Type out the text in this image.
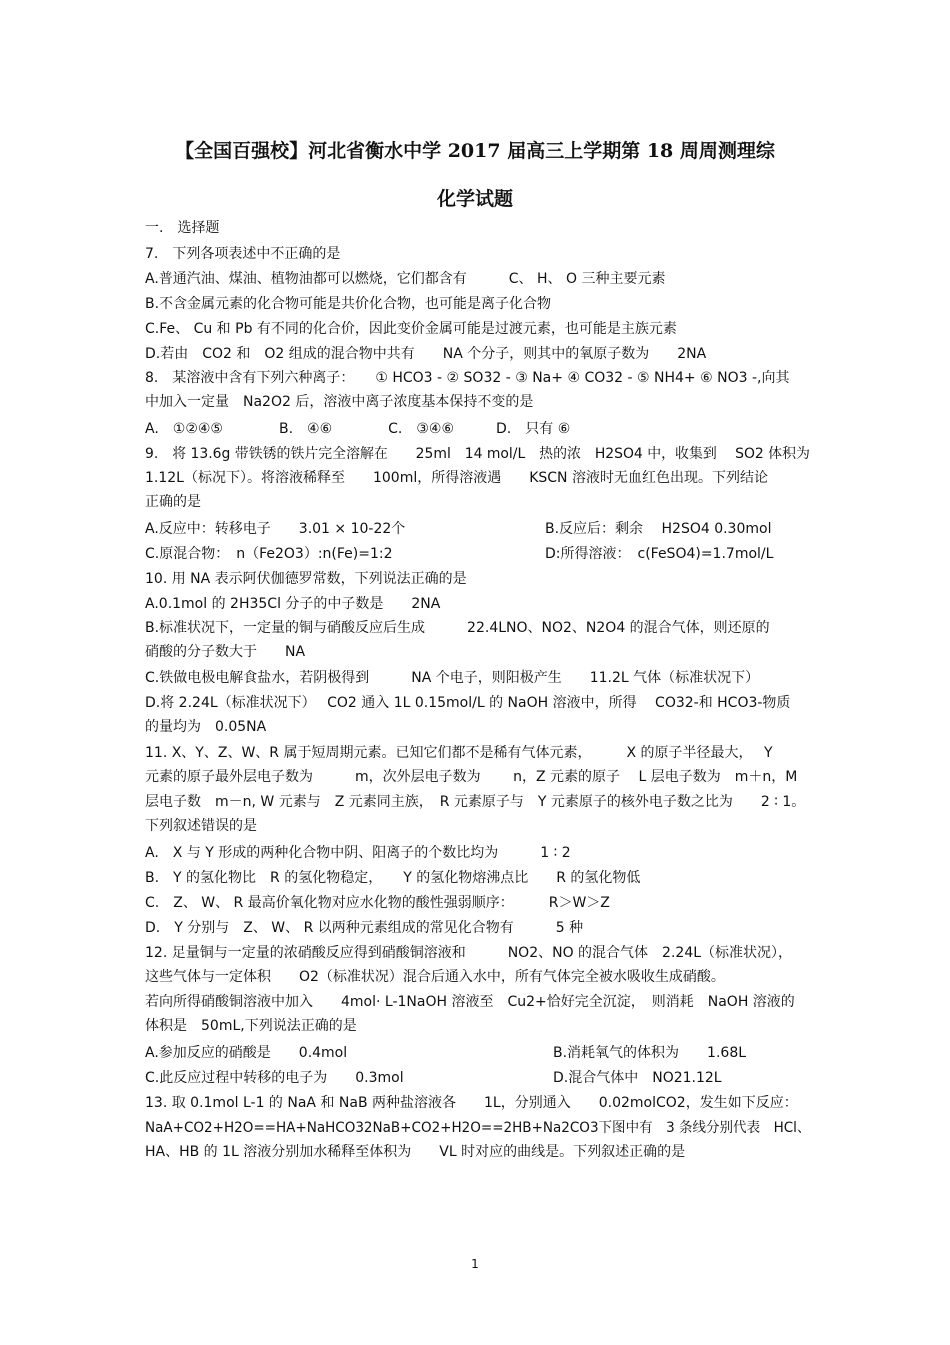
【全国百强校】河北省衡水中学 2017 届高三上学期第 18 周周测理综
化学试题
一.　选择题
7.　下列各项表述中不正确的是
A.普通汽油、煤油、植物油都可以燃烧，它们都含有　　　C、 H、 O 三种主要元素
B.不含金属元素的化合物可能是共价化合物，也可能是离子化合物
C.Fe、 Cu 和 Pb 有不同的化合价，因此变价金属可能是过渡元素，也可能是主族元素
D.若由　CO2 和　O2 组成的混合物中共有　　NA 个分子，则其中的氧原子数为　　2NA
8.　某溶液中含有下列六种离子：　　① HCO3 - ② SO32 - ③ Na+ ④ CO32 - ⑤ NH4+ ⑥ NO3 -,向其
中加入一定量　Na2O2 后，溶液中离子浓度基本保持不变的是
A.　①②④⑤　　　　B.　④⑥　　　　C.　③④⑥　　　D.　只有 ⑥
9.　将 13.6g 带铁锈的铁片完全溶解在　　25ml　14 mol/L　热的浓　H2SO4 中，收集到　 SO2 体积为
1.12L（标况下）。将溶液稀释至　　100ml，所得溶液遇　　KSCN 溶液时无血红色出现。下列结论
正确的是
A.反应中：转移电子　　3.01 × 10-22个	B.反应后：剩余　 H2SO4 0.30mol
C.原混合物：　n（Fe2O3）:n(Fe)=1:2	D:所得溶液：　c(FeSO4)=1.7mol/L
10. 用 NA 表示阿伏伽德罗常数，下列说法正确的是
A.0.1mol 的 2H35Cl 分子的中子数是　　2NA
B.标准状况下，一定量的铜与硝酸反应后生成　　　22.4LNO、NO2、N2O4 的混合气体，则还原的
硝酸的分子数大于　　NA
C.铁做电极电解食盐水，若阴极得到　　　NA 个电子，则阳极产生　　11.2L 气体（标准状况下）
D.将 2.24L（标准状况下）　 CO2 通入 1L 0.15mol/L 的 NaOH 溶液中，所得　 CO32-和 HCO3-物质
的量均为　0.05NA
11. X、Y、Z、W、R 属于短周期元素。已知它们都不是稀有气体元素，　　　X 的原子半径最大，　 Y
元素的原子最外层电子数为　　　m，次外层电子数为　　 n，Z 元素的原子　 L 层电子数为　m＋n，M
层电子数　m－n, W 元素与　Z 元素同主族，　R 元素原子与　Y 元素原子的核外电子数之比为　　2 ∶ 1。
下列叙述错误的是
A.　X 与 Y 形成的两种化合物中阴、阳离子的个数比均为　　　1 ∶ 2
B.　Y 的氢化物比　R 的氢化物稳定，　　Y 的氢化物熔沸点比　　R 的氢化物低
C.　Z、 W、 R 最高价氧化物对应水化物的酸性强弱顺序：　　　R＞W＞Z
D.　Y 分别与　Z、 W、 R 以两种元素组成的常见化合物有　　　5 种
12. 足量铜与一定量的浓硝酸反应得到硝酸铜溶液和　　　NO2、NO 的混合气体　2.24L（标准状况），
这些气体与一定体积　　O2（标准状况）混合后通入水中，所有气体完全被水吸收生成硝酸。
若向所得硝酸铜溶液中加入　　4mol· L-1NaOH 溶液至　Cu2+恰好完全沉淀，　则消耗　NaOH 溶液的
体积是　50mL,下列说法正确的是
A.参加反应的硝酸是　　0.4mol	B.消耗氧气的体积为　　1.68L
C.此反应过程中转移的电子为　　0.3mol	D.混合气体中　NO21.12L
13. 取 0.1mol L-1 的 NaA 和 NaB 两种盐溶液各　　1L，分别通入　　0.02molCO2，发生如下反应：
NaA+CO2+H2O==HA+NaHCO32NaB+CO2+H2O==2HB+Na2CO3下图中有　3 条线分别代表　HCl、
HA、HB 的 1L 溶液分别加水稀释至体积为　　VL 时对应的曲线是。下列叙述正确的是
1
